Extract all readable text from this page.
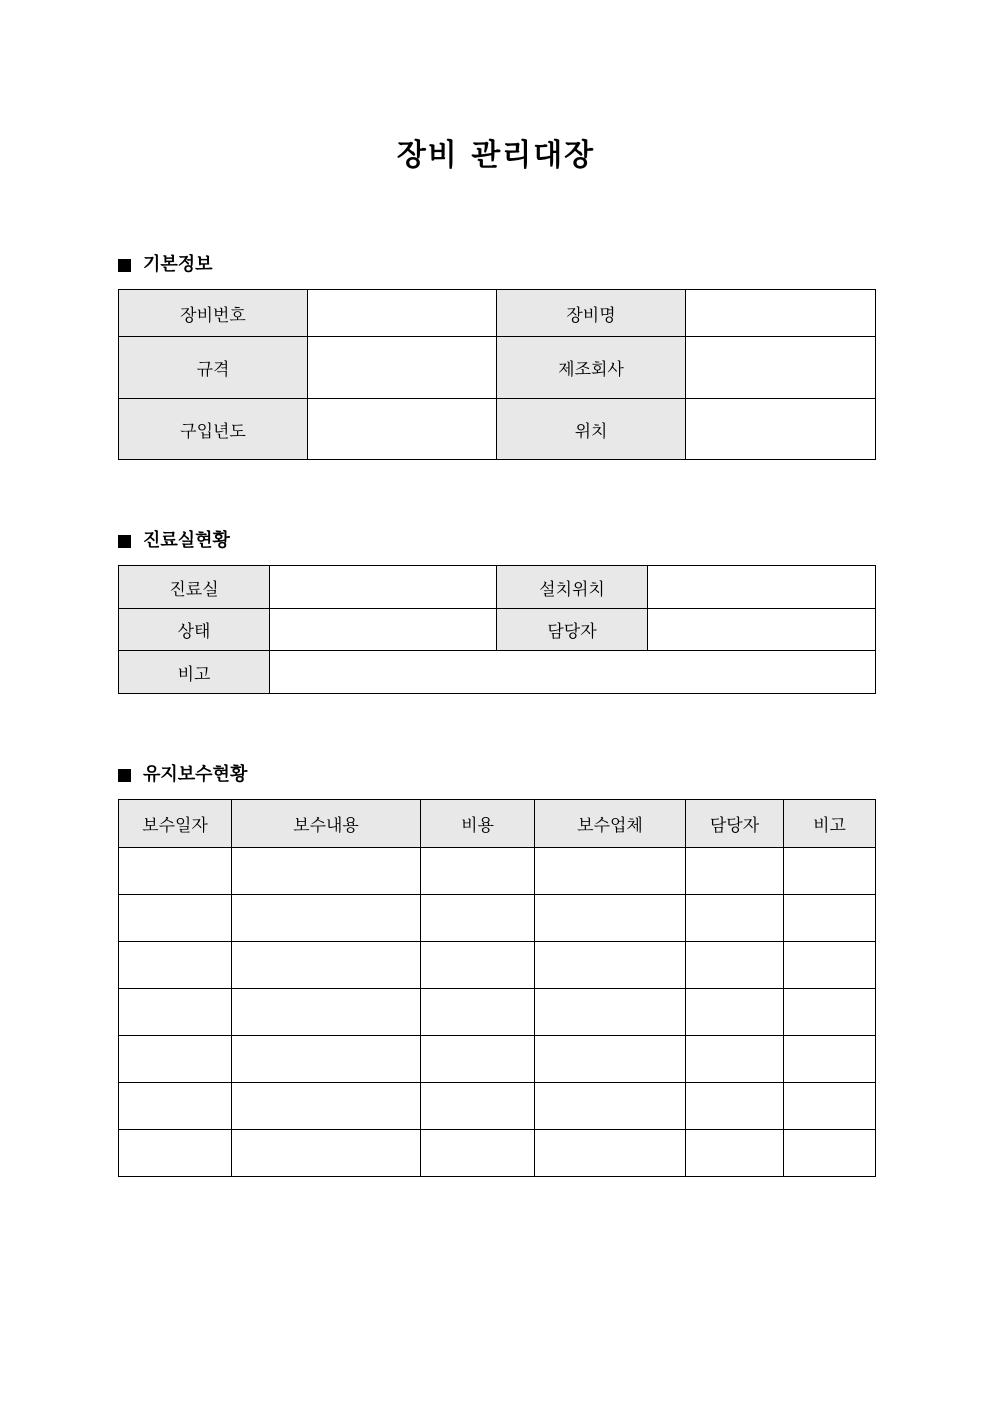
장비 관리대장
기본정보
장비번호		장비명	
규격		제조회사	
구입년도		위치	
진료실현황
진료실		설치위치	
상태		담당자	
비고			
유지보수현황
보수일자	보수내용	비용	보수업체	담당자	비고
